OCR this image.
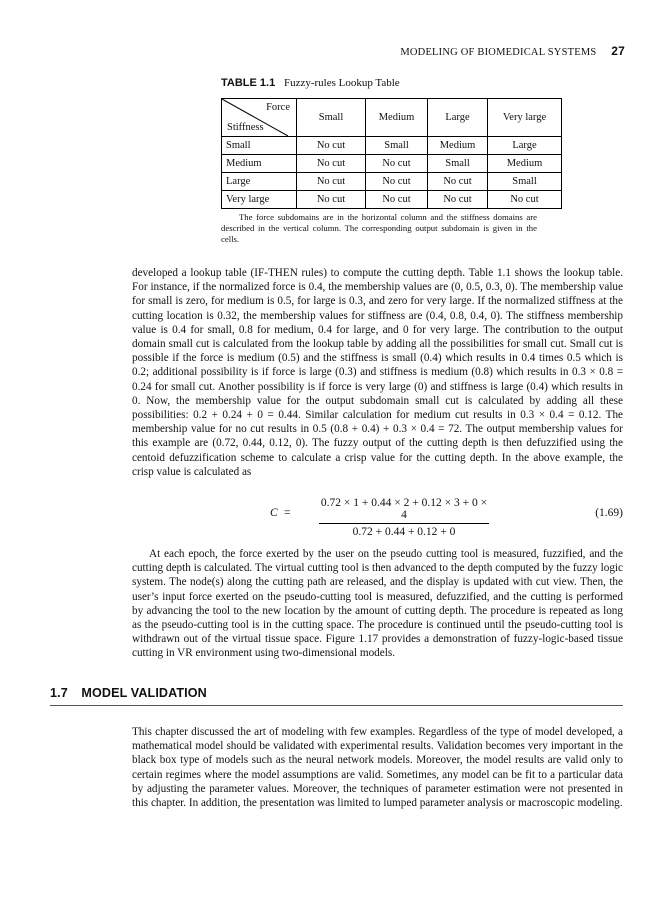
MODELING OF BIOMEDICAL SYSTEMS 27
TABLE 1.1 Fuzzy-rules Lookup Table
Force
Stiffness	Small	Medium	Large	Very large
Small	No cut	Small	Medium	Large
Medium	No cut	No cut	Small	Medium
Large	No cut	No cut	No cut	Small
Very large	No cut	No cut	No cut	No cut
The force subdomains are in the horizontal column and the stiffness domains are described in the vertical column. The corresponding output subdomain is given in the cells.

developed a lookup table (IF-THEN rules) to compute the cutting depth. Table 1.1 shows the lookup table. For instance, if the normalized force is 0.4, the membership values are (0, 0.5, 0.3, 0). The membership value for small is zero, for medium is 0.5, for large is 0.3, and zero for very large. If the normalized stiffness at the cutting location is 0.32, the membership values for stiffness are (0.4, 0.8, 0.4, 0). The stiffness membership value is 0.4 for small, 0.8 for medium, 0.4 for large, and 0 for very large. The contribution to the output domain small cut is calculated from the lookup table by adding all the possibilities for small cut. Small cut is possible if the force is medium (0.5) and the stiffness is small (0.4) which results in 0.4 times 0.5 which is 0.2; additional possibility is if force is large (0.3) and stiffness is medium (0.8) which results in 0.3 × 0.8 = 0.24 for small cut. Another possibility is if force is very large (0) and stiffness is large (0.4) which results in 0. Now, the membership value for the output subdomain small cut is calculated by adding all these possibilities: 0.2 + 0.24 + 0 = 0.44. Similar calculation for medium cut results in 0.3 × 0.4 = 0.12. The membership value for no cut results in 0.5 (0.8 + 0.4) + 0.3 × 0.4 = 72. The output membership values for this example are (0.72, 0.44, 0.12, 0). The fuzzy output of the cutting depth is then defuzzified using the centoid defuzzification scheme to calculate a crisp value for the cutting depth. In the above example, the crisp value is calculated as

$C = \frac{0.72 \times 1 + 0.44 \times 2 + 0.12 \times 3 + 0 \times 4}{0.72 + 0.44 + 0.12 + 0}$	(1.69)

At each epoch, the force exerted by the user on the pseudo cutting tool is measured, fuzzified, and the cutting depth is calculated. The virtual cutting tool is then advanced to the depth computed by the fuzzy logic system. The node(s) along the cutting path are released, and the display is updated with cut view. Then, the user’s input force exerted on the pseudo-cutting tool is measured, defuzzified, and the cutting is performed by advancing the tool to the new location by the amount of cutting depth. The procedure is repeated as long as the pseudo-cutting tool is in the cutting space. The procedure is continued until the pseudo-cutting tool is withdrawn out of the virtual tissue space. Figure 1.17 provides a demonstration of fuzzy-logic-based tissue cutting in VR environment using two-dimensional models.

1.7 MODEL VALIDATION

This chapter discussed the art of modeling with few examples. Regardless of the type of model developed, a mathematical model should be validated with experimental results. Validation becomes very important in the black box type of models such as the neural network models. Moreover, the model results are valid only to certain regimes where the model assumptions are valid. Sometimes, any model can be fit to a particular data by adjusting the parameter values. Moreover, the techniques of parameter estimation were not presented in this chapter. In addition, the presentation was limited to lumped parameter analysis or macroscopic modeling.
